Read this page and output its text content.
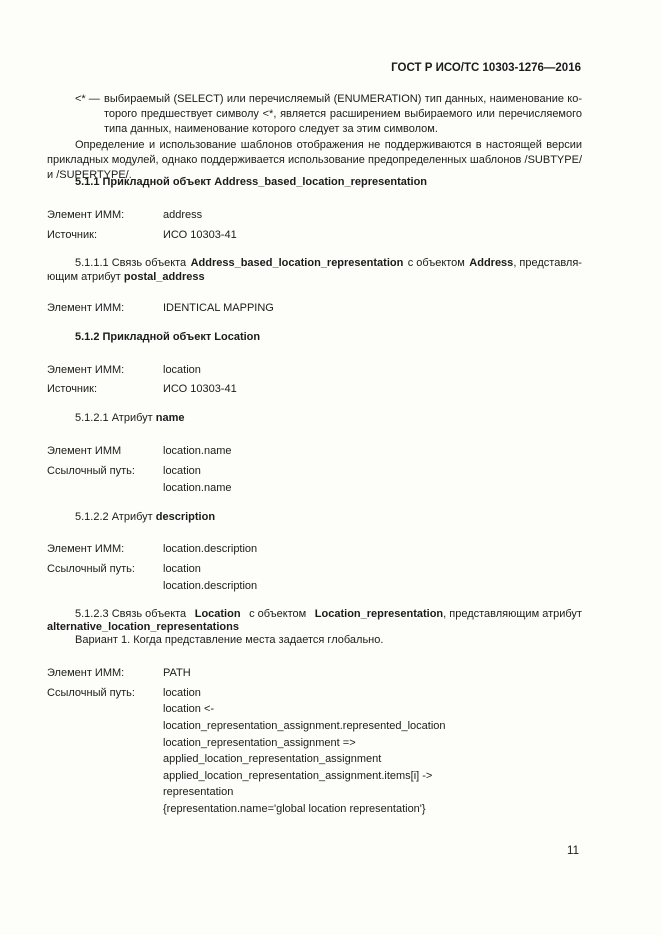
ГОСТ Р ИСО/ТС 10303-1276—2016
<* — выбираемый (SELECT) или перечисляемый (ENUMERATION) тип данных, наименование ко-
торого предшествует символу <*, является расширением выбираемого или перечисляемого
типа данных, наименование которого следует за этим символом.
Определение и использование шаблонов отображения не поддерживаются в настоящей версии
прикладных модулей, однако поддерживается использование предопределенных шаблонов /SUBTYPE/
и /SUPERTYPE/.
5.1.1 Прикладной объект Address_based_location_representation
Элемент ИММ:	address
Источник:	ИСО 10303-41
5.1.1.1 Связь объекта Address_based_location_representation с объектом Address, представля-
ющим атрибут postal_address
Элемент ИММ:	IDENTICAL MAPPING
5.1.2 Прикладной объект Location
Элемент ИММ:	location
Источник:	ИСО 10303-41
5.1.2.1 Атрибут name
Элемент ИММ	location.name
Ссылочный путь:	location
location.name
5.1.2.2 Атрибут description
Элемент ИММ:	location.description
Ссылочный путь:	location
location.description
5.1.2.3 Связь объекта Location с объектом Location_representation, представляющим атрибут
alternative_location_representations
Вариант 1. Когда представление места задается глобально.
Элемент ИММ:	PATH
Ссылочный путь:	location
location <-
location_representation_assignment.represented_location
location_representation_assignment =>
applied_location_representation_assignment
applied_location_representation_assignment.items[i] ->
representation
{representation.name='global location representation'}
11
